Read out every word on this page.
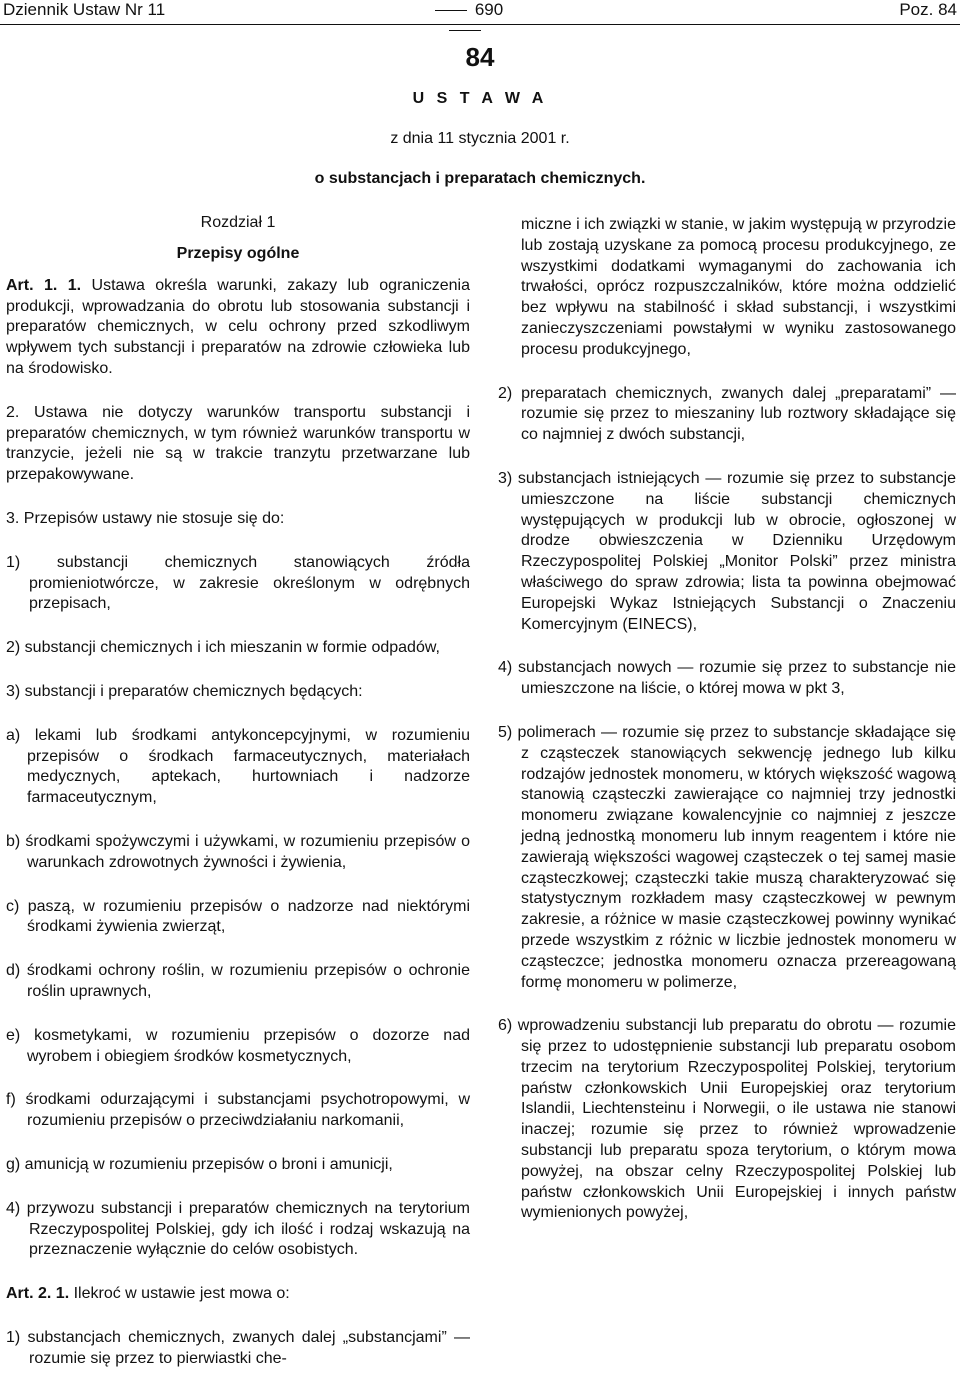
Dziennik Ustaw Nr 11	690	Poz. 84
84
U S T A W A
z dnia 11 stycznia 2001 r.
o substancjach i preparatach chemicznych.

Rozdział 1

Przepisy ogólne

Art. 1. 1. Ustawa określa warunki, zakazy lub ograniczenia produkcji, wprowadzania do obrotu lub stosowania substancji i preparatów chemicznych, w celu ochrony przed szkodliwym wpływem tych substancji i preparatów na zdrowie człowieka lub na środowisko.

2. Ustawa nie dotyczy warunków transportu substancji i preparatów chemicznych, w tym również warunków transportu w tranzycie, jeżeli nie są w trakcie tranzytu przetwarzane lub przepakowywane.

3. Przepisów ustawy nie stosuje się do:

1) substancji chemicznych stanowiących źródła promieniotwórcze, w zakresie określonym w odrębnych przepisach,

2) substancji chemicznych i ich mieszanin w formie odpadów,

3) substancji i preparatów chemicznych będących:

a) lekami lub środkami antykoncepcyjnymi, w rozumieniu przepisów o środkach farmaceutycznych, materiałach medycznych, aptekach, hurtowniach i nadzorze farmaceutycznym,

b) środkami spożywczymi i używkami, w rozumieniu przepisów o warunkach zdrowotnych żywności i żywienia,

c) paszą, w rozumieniu przepisów o nadzorze nad niektórymi środkami żywienia zwierząt,

d) środkami ochrony roślin, w rozumieniu przepisów o ochronie roślin uprawnych,

e) kosmetykami, w rozumieniu przepisów o dozorze nad wyrobem i obiegiem środków kosmetycznych,

f) środkami odurzającymi i substancjami psychotropowymi, w rozumieniu przepisów o przeciwdziałaniu narkomanii,

g) amunicją w rozumieniu przepisów o broni i amunicji,

4) przywozu substancji i preparatów chemicznych na terytorium Rzeczypospolitej Polskiej, gdy ich ilość i rodzaj wskazują na przeznaczenie wyłącznie do celów osobistych.

Art. 2. 1. Ilekroć w ustawie jest mowa o:

1) substancjach chemicznych, zwanych dalej „substancjami” — rozumie się przez to pierwiastki che-

miczne i ich związki w stanie, w jakim występują w przyrodzie lub zostają uzyskane za pomocą procesu produkcyjnego, ze wszystkimi dodatkami wymaganymi do zachowania ich trwałości, oprócz rozpuszczalników, które można oddzielić bez wpływu na stabilność i skład substancji, i wszystkimi zanieczyszczeniami powstałymi w wyniku zastosowanego procesu produkcyjnego,

2) preparatach chemicznych, zwanych dalej „preparatami” — rozumie się przez to mieszaniny lub roztwory składające się co najmniej z dwóch substancji,

3) substancjach istniejących — rozumie się przez to substancje umieszczone na liście substancji chemicznych występujących w produkcji lub w obrocie, ogłoszonej w drodze obwieszczenia w Dzienniku Urzędowym Rzeczypospolitej Polskiej „Monitor Polski” przez ministra właściwego do spraw zdrowia; lista ta powinna obejmować Europejski Wykaz Istniejących Substancji o Znaczeniu Komercyjnym (EINECS),

4) substancjach nowych — rozumie się przez to substancje nie umieszczone na liście, o której mowa w pkt 3,

5) polimerach — rozumie się przez to substancje składające się z cząsteczek stanowiących sekwencję jednego lub kilku rodzajów jednostek monomeru, w których większość wagową stanowią cząsteczki zawierające co najmniej trzy jednostki monomeru związane kowalencyjnie co najmniej z jeszcze jedną jednostką monomeru lub innym reagentem i które nie zawierają większości wagowej cząsteczek o tej samej masie cząsteczkowej; cząsteczki takie muszą charakteryzować się statystycznym rozkładem masy cząsteczkowej w pewnym zakresie, a różnice w masie cząsteczkowej powinny wynikać przede wszystkim z różnic w liczbie jednostek monomeru w cząsteczce; jednostka monomeru oznacza przereagowaną formę monomeru w polimerze,

6) wprowadzeniu substancji lub preparatu do obrotu — rozumie się przez to udostępnienie substancji lub preparatu osobom trzecim na terytorium Rzeczypospolitej Polskiej, terytorium państw członkowskich Unii Europejskiej oraz terytorium Islandii, Liechtensteinu i Norwegii, o ile ustawa nie stanowi inaczej; rozumie się przez to również wprowadzenie substancji lub preparatu spoza terytorium, o którym mowa powyżej, na obszar celny Rzeczypospolitej Polskiej lub państw członkowskich Unii Europejskiej i innych państw wymienionych powyżej,
